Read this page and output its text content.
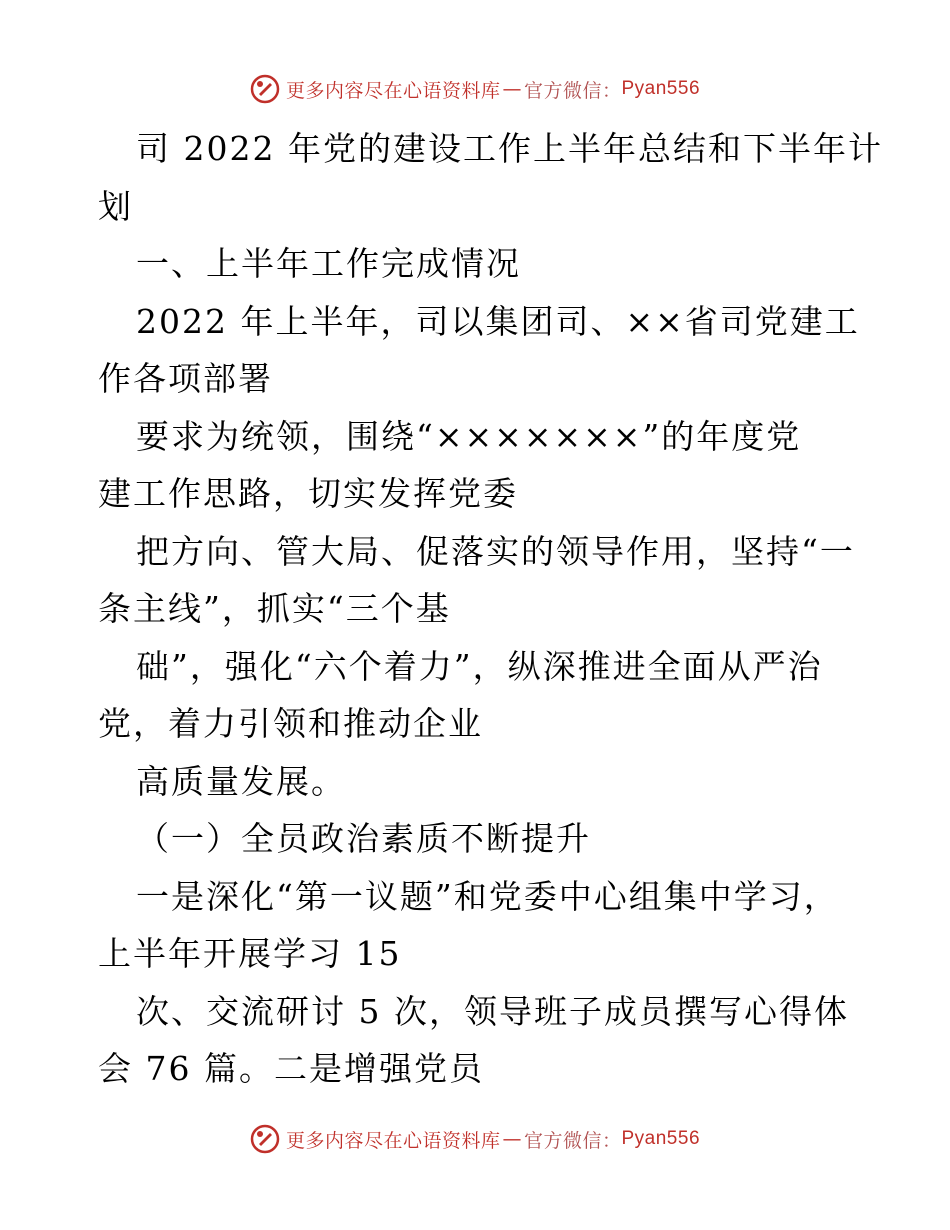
更多内容尽在心语资料库 — 官方微信： Pyan556
司 2022 年党的建设工作上半年总结和下半年计
划
一、上半年工作完成情况
2022 年上半年，司以集团司、××省司党建工
作各项部署
要求为统领，围绕“×××××××”的年度党
建工作思路，切实发挥党委
把方向、管大局、促落实的领导作用，坚持“一
条主线”，抓实“三个基
础”，强化“六个着力”，纵深推进全面从严治
党，着力引领和推动企业
高质量发展。
（一）全员政治素质不断提升
一是深化“第一议题”和党委中心组集中学习，
上半年开展学习 15
次、交流研讨 5 次，领导班子成员撰写心得体
会 76 篇。二是增强党员
更多内容尽在心语资料库 — 官方微信： Pyan556
